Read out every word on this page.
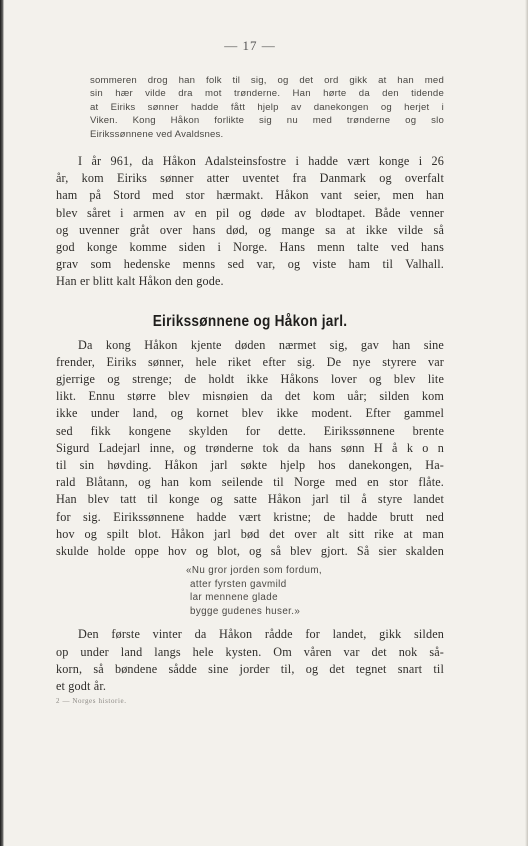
— 17 —
sommeren drog han folk til sig, og det ord gikk at han med
sin hær vilde dra mot trønderne. Han hørte da den tidende
at Eiriks sønner hadde fått hjelp av danekongen og herjet i
Viken. Kong Håkon forlikte sig nu med trønderne og slo
Eirikssønnene ved Avaldsnes.
I år 961, da Håkon Adalsteinsfostre i hadde vært konge i 26
år, kom Eiriks sønner atter uventet fra Danmark og overfalt
ham på Stord med stor hærmakt. Håkon vant seier, men han
blev såret i armen av en pil og døde av blodtapet. Både venner
og uvenner gråt over hans død, og mange sa at ikke vilde så
god konge komme siden i Norge. Hans menn talte ved hans
grav som hedenske menns sed var, og viste ham til Valhall.
Han er blitt kalt Håkon den gode.
Eirikssønnene og Håkon jarl.
Da kong Håkon kjente døden nærmet sig, gav han sine
frender, Eiriks sønner, hele riket efter sig. De nye styrere var
gjerrige og strenge; de holdt ikke Håkons lover og blev lite
likt. Ennu større blev misnøien da det kom uår; silden kom
ikke under land, og kornet blev ikke modent. Efter gammel
sed fikk kongene skylden for dette. Eirikssønnene brente
Sigurd Ladejarl inne, og trønderne tok da hans sønn H å k o n
til sin høvding. Håkon jarl søkte hjelp hos danekongen, Ha-
rald Blåtann, og han kom seilende til Norge med en stor flåte.
Han blev tatt til konge og satte Håkon jarl til å styre landet
for sig. Eirikssønnene hadde vært kristne; de hadde brutt ned
hov og spilt blot. Håkon jarl bød det over alt sitt rike at man
skulde holde oppe hov og blot, og så blev gjort. Så sier skalden
«Nu gror jorden som fordum,
atter fyrsten gavmild
lar mennene glade
bygge gudenes huser.»
Den første vinter da Håkon rådde for landet, gikk silden
op under land langs hele kysten. Om våren var det nok så-
korn, så bøndene sådde sine jorder til, og det tegnet snart til
et godt år.
2 — Norges historie.
